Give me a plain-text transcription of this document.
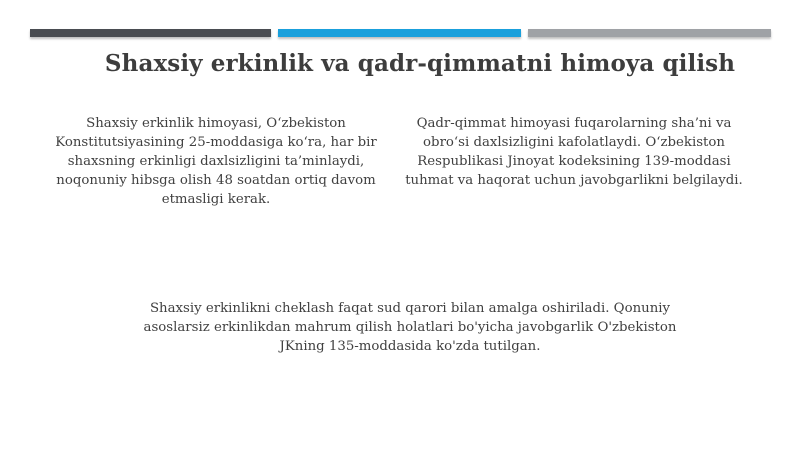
Shaxsiy erkinlik va qadr-qimmatni himoya qilish
Shaxsiy erkinlik himoyasi, O‘zbekiston Konstitutsiyasining 25-moddasiga ko‘ra, har bir shaxsning erkinligi daxlsizligini ta’minlaydi, noqonuniy hibsga olish 48 soatdan ortiq davom etmasligi kerak.
Qadr-qimmat himoyasi fuqarolarning sha’ni va obro‘si daxlsizligini kafolatlaydi. O‘zbekiston Respublikasi Jinoyat kodeksining 139-moddasi tuhmat va haqorat uchun javobgarlikni belgilaydi.
Shaxsiy erkinlikni cheklash faqat sud qarori bilan amalga oshiriladi. Qonuniy asoslarsiz erkinlikdan mahrum qilish holatlari bo'yicha javobgarlik O'zbekiston JKning 135-moddasida ko'zda tutilgan.
